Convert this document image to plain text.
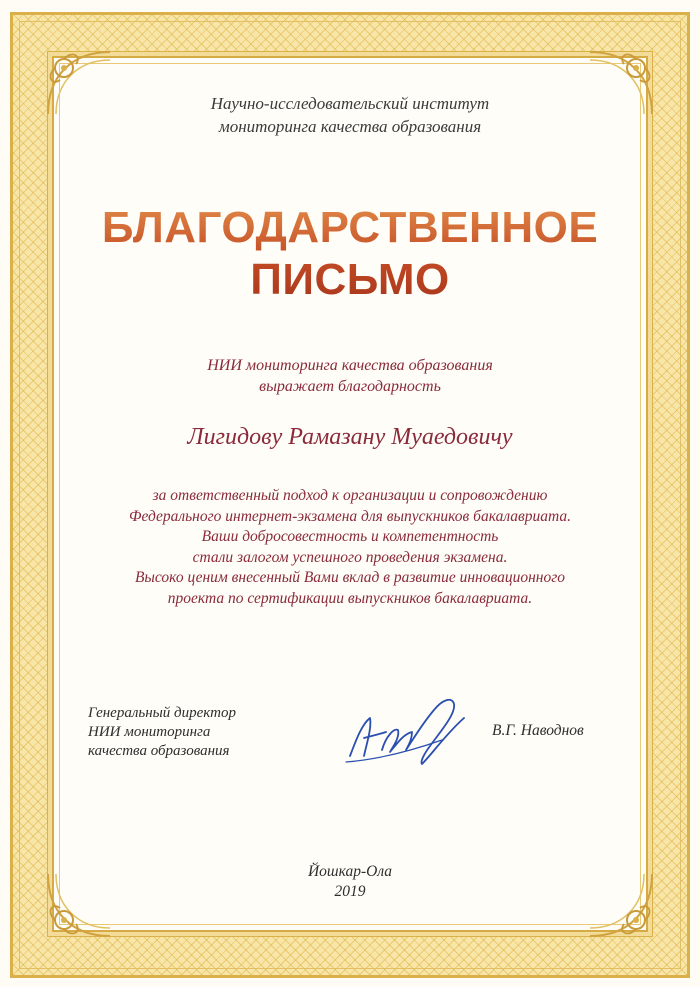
Научно-исследовательский институт
мониторинга качества образования
БЛАГОДАРСТВЕННОЕ
ПИСЬМО
НИИ мониторинга качества образования
выражает благодарность
Лигидову Рамазану Муаедовичу
за ответственный подход к организации и сопровождению
Федерального интернет-экзамена для выпускников бакалавриата.
Ваши добросовестность и компетентность
стали залогом успешного проведения экзамена.
Высоко ценим внесенный Вами вклад в развитие инновационного
проекта по сертификации выпускников бакалавриата.
Генеральный директор
НИИ мониторинга
качества образования
В.Г. Наводнов
Йошкар-Ола
2019
